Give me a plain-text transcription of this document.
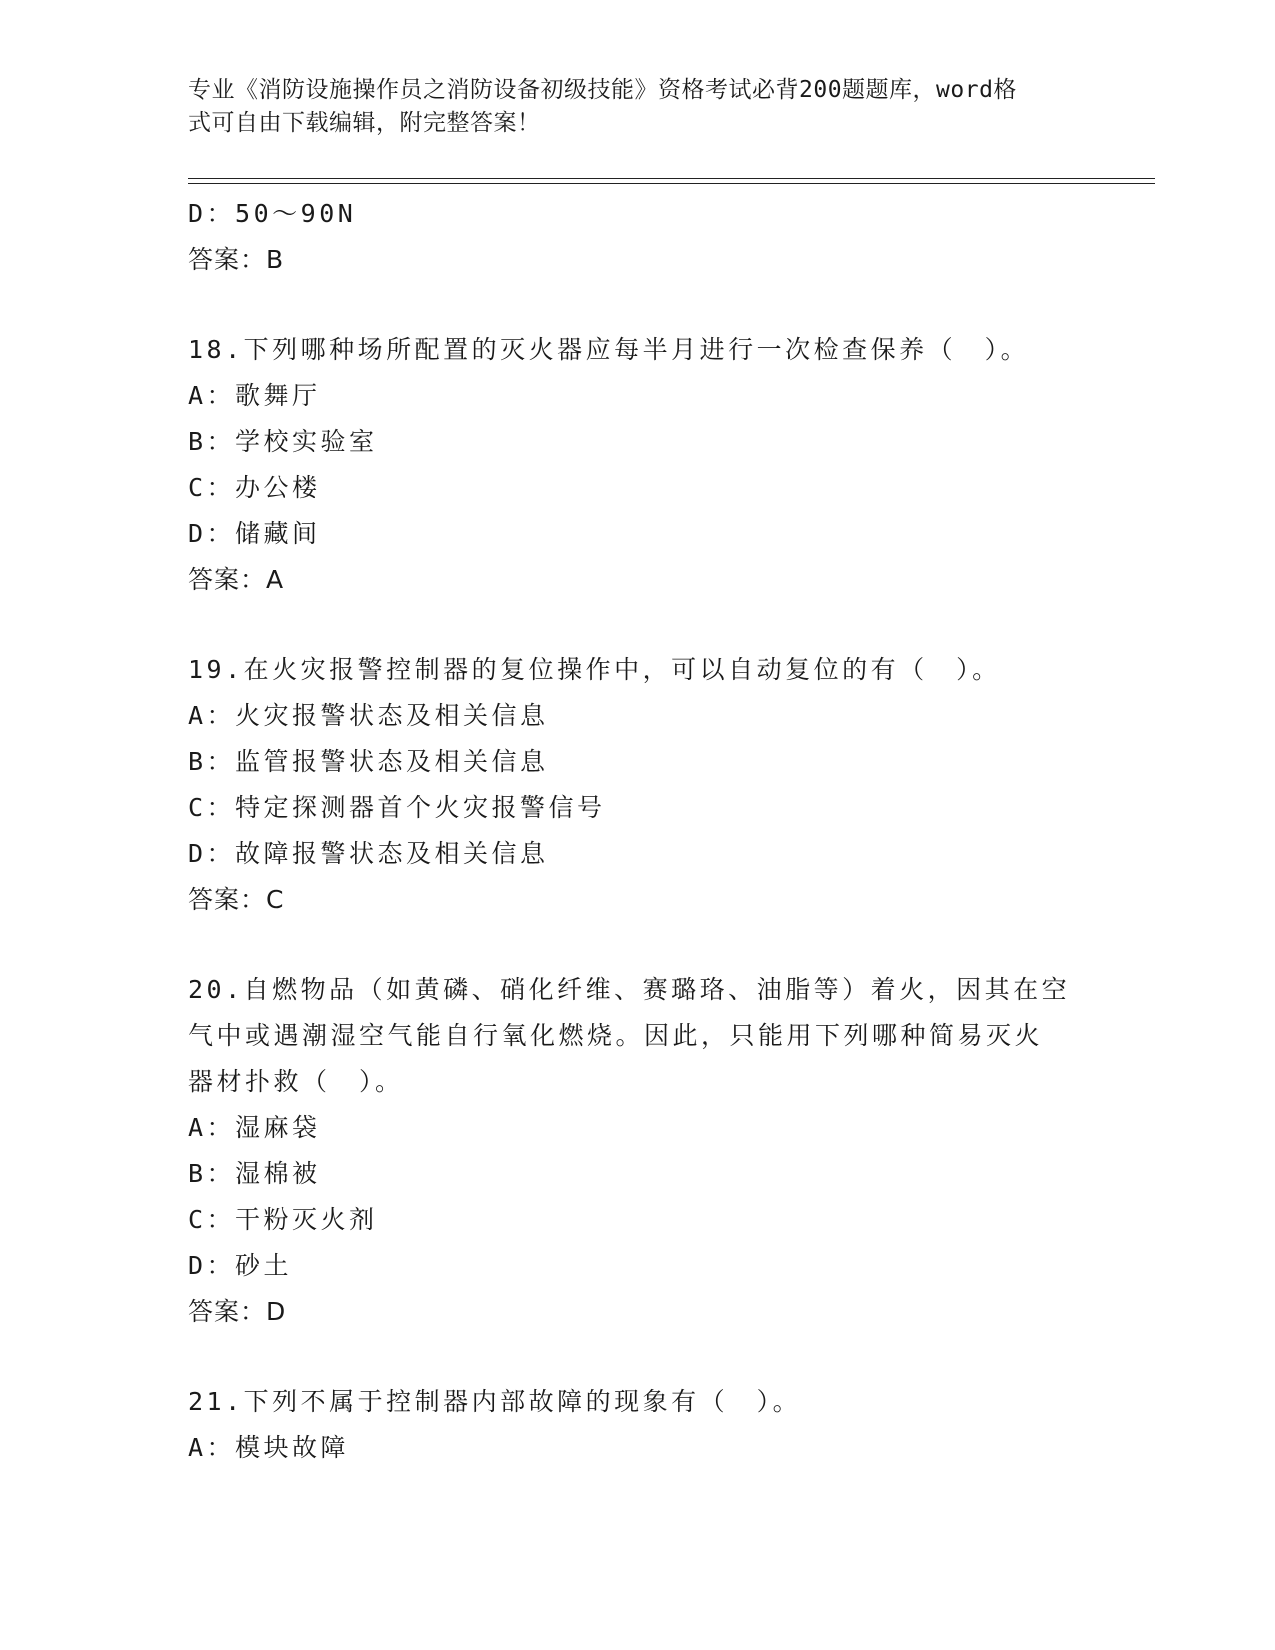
专业《消防设施操作员之消防设备初级技能》资格考试必背200题题库，word格
式可自由下载编辑，附完整答案！
D：50～90N
答案：B
18.下列哪种场所配置的灭火器应每半月进行一次检查保养（　）。
A：歌舞厅
B：学校实验室
C：办公楼
D：储藏间
答案：A
19.在火灾报警控制器的复位操作中，可以自动复位的有（　）。
A：火灾报警状态及相关信息
B：监管报警状态及相关信息
C：特定探测器首个火灾报警信号
D：故障报警状态及相关信息
答案：C
20.自燃物品（如黄磷、硝化纤维、赛璐珞、油脂等）着火，因其在空
气中或遇潮湿空气能自行氧化燃烧。因此，只能用下列哪种简易灭火
器材扑救（　）。
A：湿麻袋
B：湿棉被
C：干粉灭火剂
D：砂土
答案：D
21.下列不属于控制器内部故障的现象有（　）。
A：模块故障
